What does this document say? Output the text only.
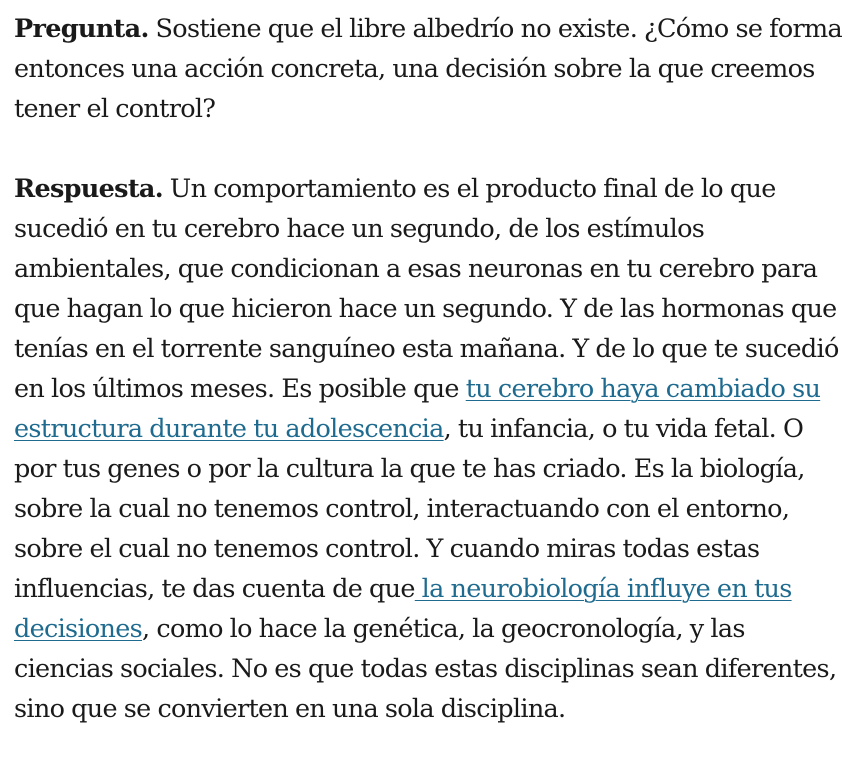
Pregunta. Sostiene que el libre albedrío no existe. ¿Cómo se forma entonces una acción concreta, una decisión sobre la que creemos tener el control?

Respuesta. Un comportamiento es el producto final de lo que sucedió en tu cerebro hace un segundo, de los estímulos ambientales, que condicionan a esas neuronas en tu cerebro para que hagan lo que hicieron hace un segundo. Y de las hormonas que tenías en el torrente sanguíneo esta mañana. Y de lo que te sucedió en los últimos meses. Es posible que tu cerebro haya cambiado su estructura durante tu adolescencia, tu infancia, o tu vida fetal. O por tus genes o por la cultura la que te has criado. Es la biología, sobre la cual no tenemos control, interactuando con el entorno, sobre el cual no tenemos control. Y cuando miras todas estas influencias, te das cuenta de que la neurobiología influye en tus decisiones, como lo hace la genética, la geocronología, y las ciencias sociales. No es que todas estas disciplinas sean diferentes, sino que se convierten en una sola disciplina.
